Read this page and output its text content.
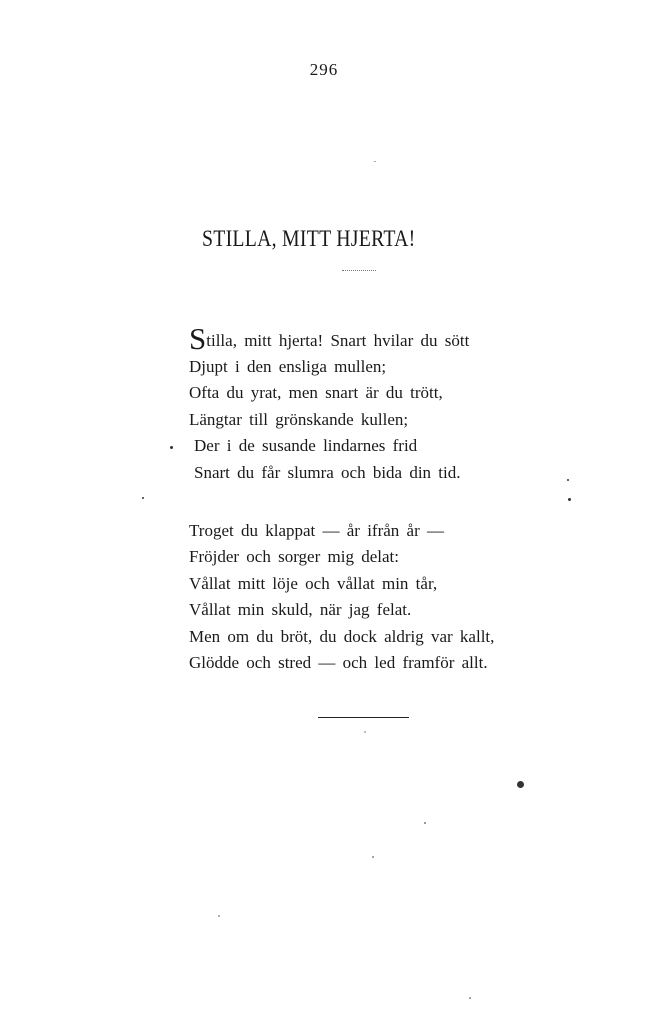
296
STILLA, MITT HJERTA!
Stilla, mitt hjerta! Snart hvilar du sött
Djupt i den ensliga mullen;
Ofta du yrat, men snart är du trött,
Längtar till grönskande kullen;
Der i de susande lindarnes frid
Snart du får slumra och bida din tid.
Troget du klappat — år ifrån år —
Fröjder och sorger mig delat:
Vållat mitt löje och vållat min tår,
Vållat min skuld, när jag felat.
Men om du bröt, du dock aldrig var kallt,
Glödde och stred — och led framför allt.
